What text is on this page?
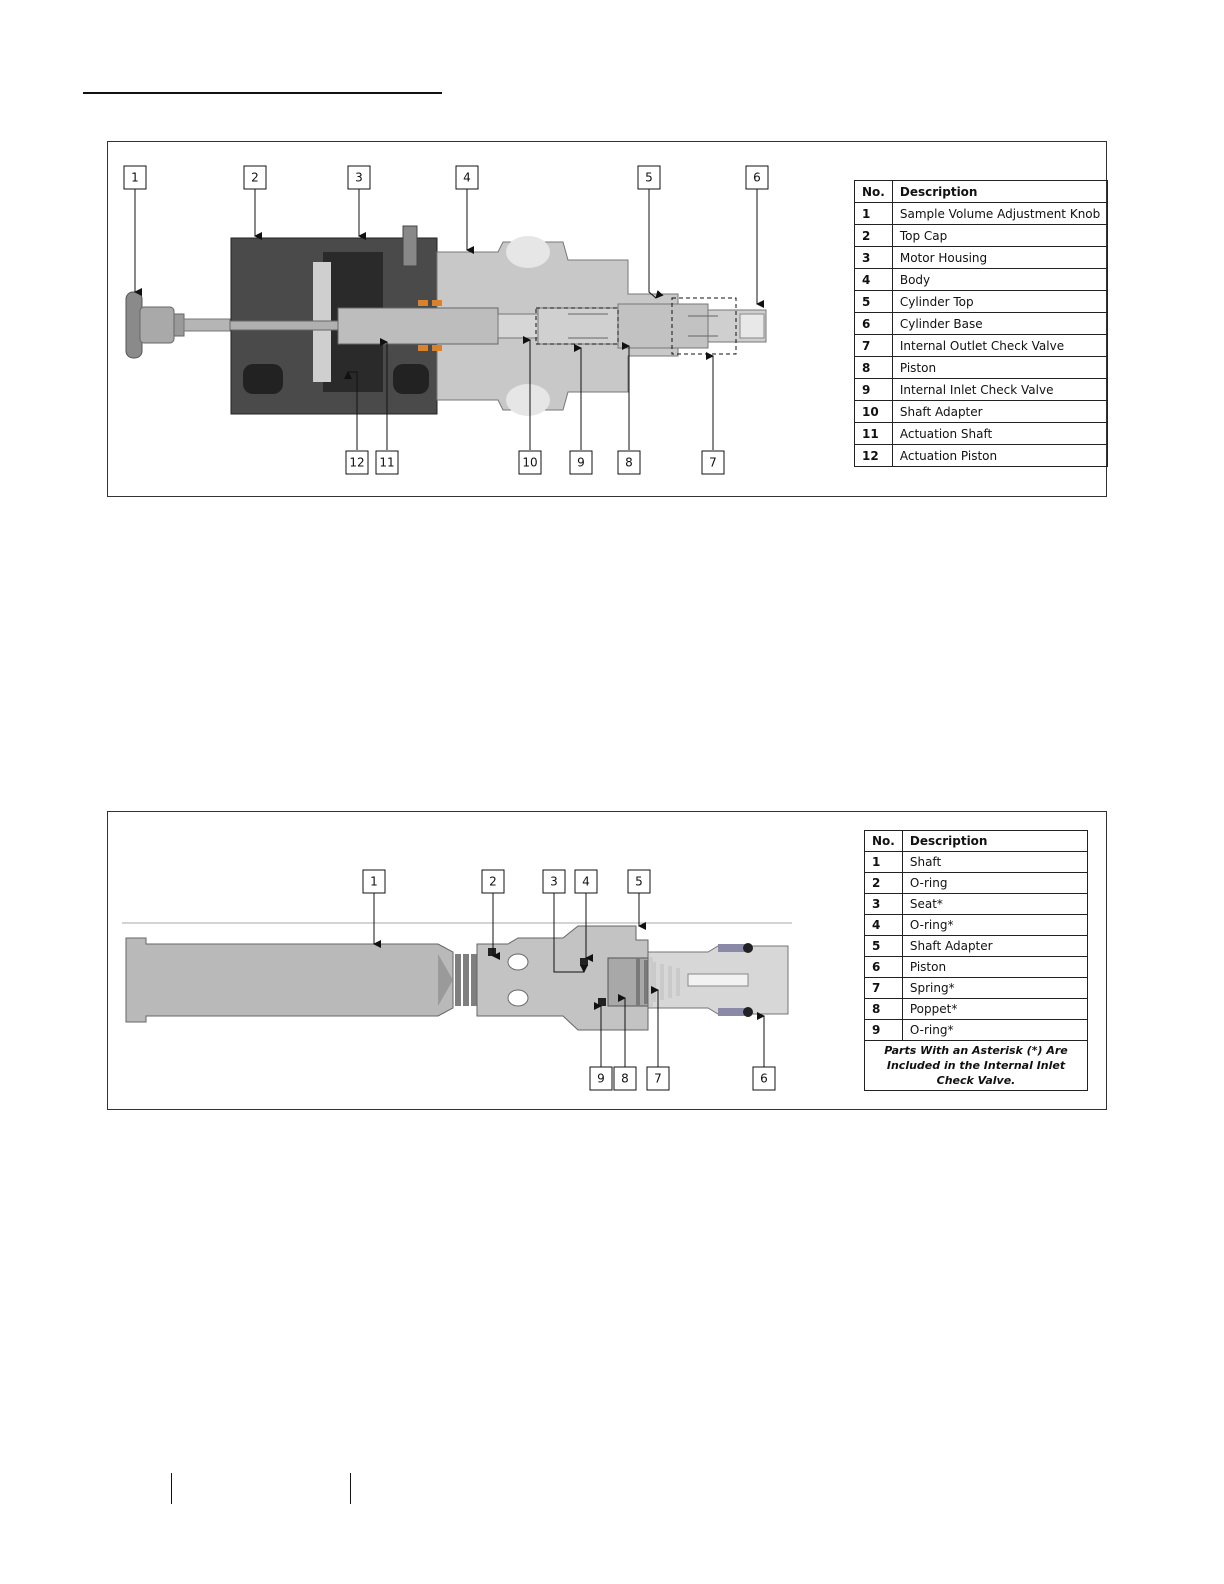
1	2	3	4	5	6
12 11	10	9	8	7
No.	Description
1	Sample Volume Adjustment Knob
2	Top Cap
3	Motor Housing
4	Body
5	Cylinder Top
6	Cylinder Base
7	Internal Outlet Check Valve
8	Piston
9	Internal Inlet Check Valve
10	Shaft Adapter
11	Actuation Shaft
12	Actuation Piston
1	2	3 4	5
9 8 7	6
No.	Description
1	Shaft
2	O-ring
3	Seat*
4	O-ring*
5	Shaft Adapter
6	Piston
7	Spring*
8	Poppet*
9	O-ring*
Parts With an Asterisk (*) Are Included in the Internal Inlet Check Valve.	
